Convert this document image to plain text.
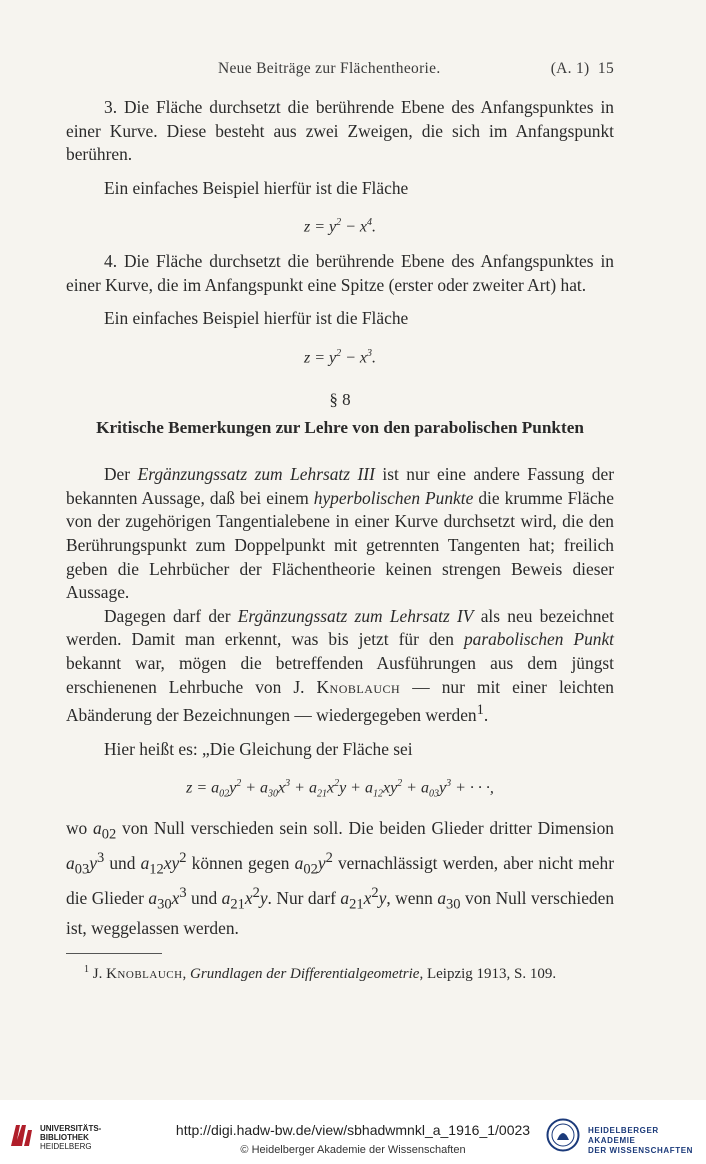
Neue Beiträge zur Flächentheorie.	(A. 1) 15

3. Die Fläche durchsetzt die berührende Ebene des Anfangspunktes in einer Kurve. Diese besteht aus zwei Zweigen, die sich im Anfangspunkt berühren.

Ein einfaches Beispiel hierfür ist die Fläche

$z = y^2 - x^4$.

4. Die Fläche durchsetzt die berührende Ebene des Anfangspunktes in einer Kurve, die im Anfangspunkt eine Spitze (erster oder zweiter Art) hat.

Ein einfaches Beispiel hierfür ist die Fläche

$z = y^2 - x^3$.
§ 8
Kritische Bemerkungen zur Lehre von den parabolischen Punkten

Der Ergänzungssatz zum Lehrsatz III ist nur eine andere Fassung der bekannten Aussage, daß bei einem hyperbolischen Punkte die krumme Fläche von der zugehörigen Tangentialebene in einer Kurve durchsetzt wird, die den Berührungspunkt zum Doppelpunkt mit getrennten Tangenten hat; freilich geben die Lehrbücher der Flächentheorie keinen strengen Beweis dieser Aussage.

Dagegen darf der Ergänzungssatz zum Lehrsatz IV als neu bezeichnet werden. Damit man erkennt, was bis jetzt für den parabolischen Punkt bekannt war, mögen die betreffenden Ausführungen aus dem jüngst erschienenen Lehrbuche von J. Knoblauch — nur mit einer leichten Abänderung der Bezeichnungen — wiedergegeben werden$^1$.

Hier heißt es: „Die Gleichung der Fläche sei

$z = a_{02}y^2 + a_{30}x^3 + a_{21}x^2y + a_{12}xy^2 + a_{03}y^3$ + · · ·,

wo $a_{02}$ von Null verschieden sein soll. Die beiden Glieder dritter Dimension $a_{03}y^3$ und $a_{12}xy^2$ können gegen $a_{02}y^2$ vernachlässigt werden, aber nicht mehr die Glieder $a_{30}x^3$ und $a_{21}x^2y$. Nur darf $a_{21}x^2y$, wenn $a_{30}$ von Null verschieden ist, weggelassen werden.

$^1$ J. Knoblauch, Grundlagen der Differentialgeometrie, Leipzig 1913, S. 109.

UNIVERSITÄTS-
BIBLIOTHEK
HEIDELBERG
http://digi.hadw-bw.de/view/sbhadwmnkl_a_1916_1/0023
© Heidelberger Akademie der Wissenschaften
HEIDELBERGER AKADEMIE
DER WISSENSCHAFTEN
